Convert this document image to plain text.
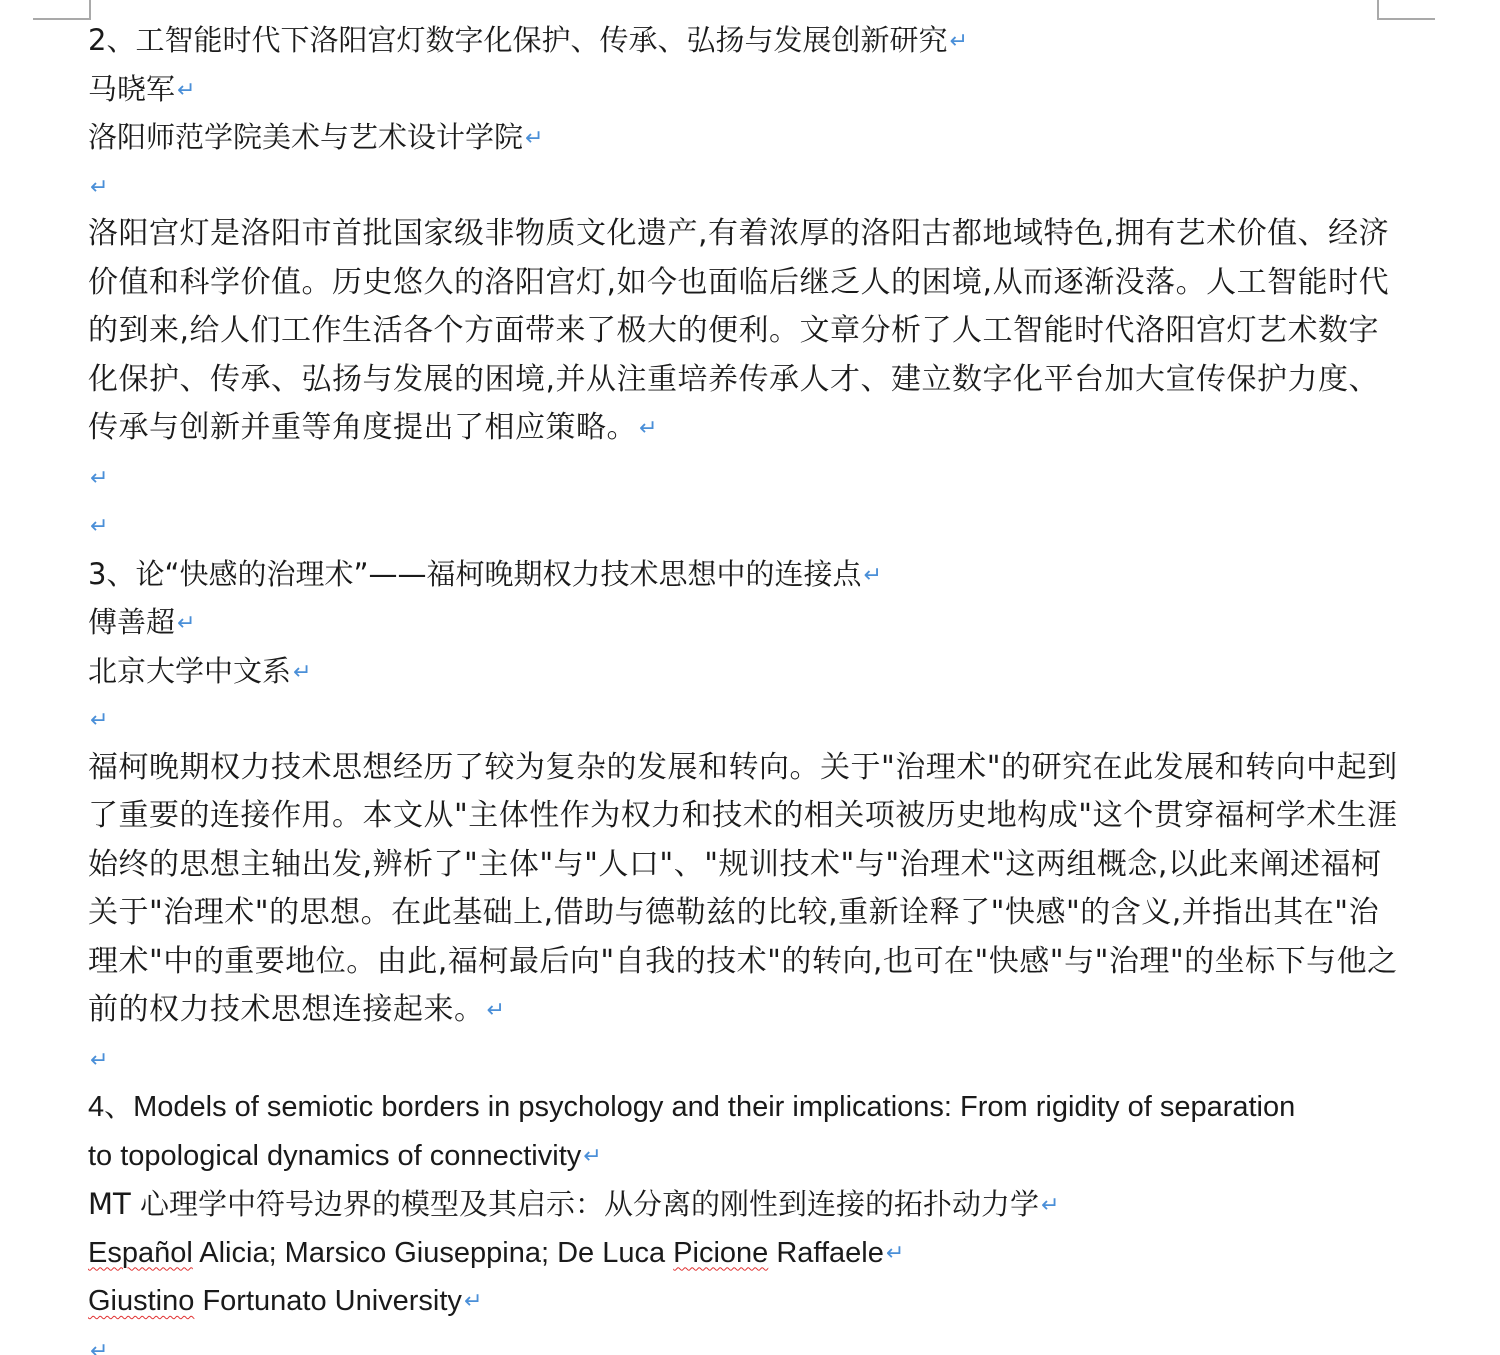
2、工智能时代下洛阳宫灯数字化保护、传承、弘扬与发展创新研究↵

马晓军↵

洛阳师范学院美术与艺术设计学院↵

↵

洛阳宫灯是洛阳市首批国家级非物质文化遗产,有着浓厚的洛阳古都地域特色,拥有艺术价值、经济价值和科学价值。历史悠久的洛阳宫灯,如今也面临后继乏人的困境,从而逐渐没落。人工智能时代的到来,给人们工作生活各个方面带来了极大的便利。文章分析了人工智能时代洛阳宫灯艺术数字化保护、传承、弘扬与发展的困境,并从注重培养传承人才、建立数字化平台加大宣传保护力度、传承与创新并重等角度提出了相应策略。↵

↵

↵

3、论“快感的治理术”——福柯晚期权力技术思想中的连接点↵

傅善超↵

北京大学中文系↵

↵

福柯晚期权力技术思想经历了较为复杂的发展和转向。关于"治理术"的研究在此发展和转向中起到了重要的连接作用。本文从"主体性作为权力和技术的相关项被历史地构成"这个贯穿福柯学术生涯始终的思想主轴出发,辨析了"主体"与"人口"、"规训技术"与"治理术"这两组概念,以此来阐述福柯关于"治理术"的思想。在此基础上,借助与德勒兹的比较,重新诠释了"快感"的含义,并指出其在"治理术"中的重要地位。由此,福柯最后向"自我的技术"的转向,也可在"快感"与"治理"的坐标下与他之前的权力技术思想连接起来。↵

↵

4、Models of semiotic borders in psychology and their implications: From rigidity of separation

to topological dynamics of connectivity↵

MT 心理学中符号边界的模型及其启示：从分离的刚性到连接的拓扑动力学↵

Español Alicia; Marsico Giuseppina; De Luca Picione Raffaele↵

Giustino Fortunato University↵

↵
